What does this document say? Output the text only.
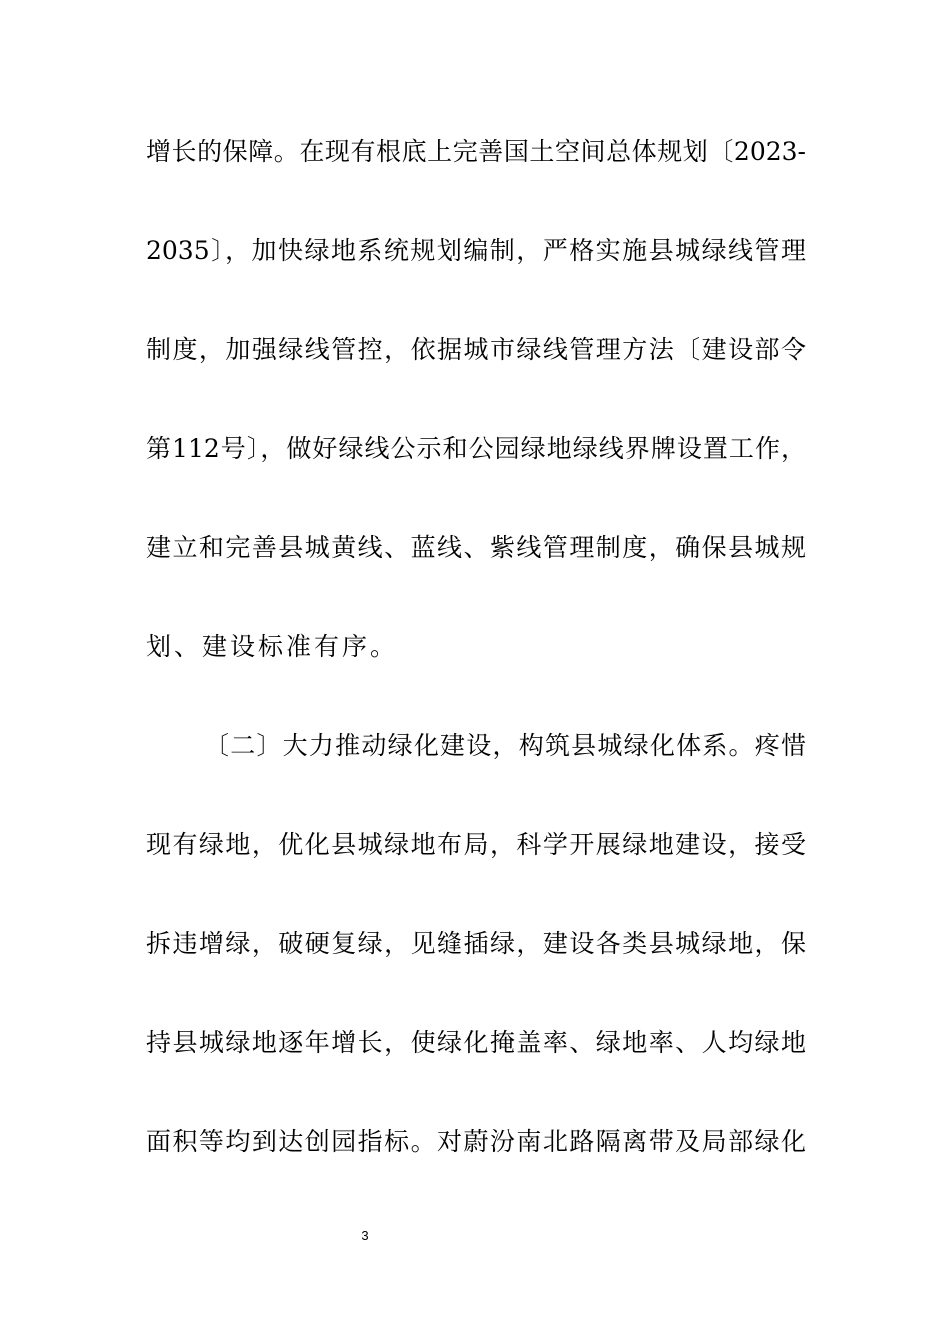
增长的保障。在现有根底上完善国土空间总体规划〔2023-
2035〕，加快绿地系统规划编制，严格实施县城绿线管理
制度，加强绿线管控，依据城市绿线管理方法〔建设部令
第112号〕，做好绿线公示和公园绿地绿线界牌设置工作，
建立和完善县城黄线、蓝线、紫线管理制度，确保县城规
划、建设标准有序。
〔二〕大力推动绿化建设，构筑县城绿化体系。疼惜
现有绿地，优化县城绿地布局，科学开展绿地建设，接受
拆违增绿，破硬复绿，见缝插绿，建设各类县城绿地，保
持县城绿地逐年增长，使绿化掩盖率、绿地率、人均绿地
面积等均到达创园指标。对蔚汾南北路隔离带及局部绿化
3
